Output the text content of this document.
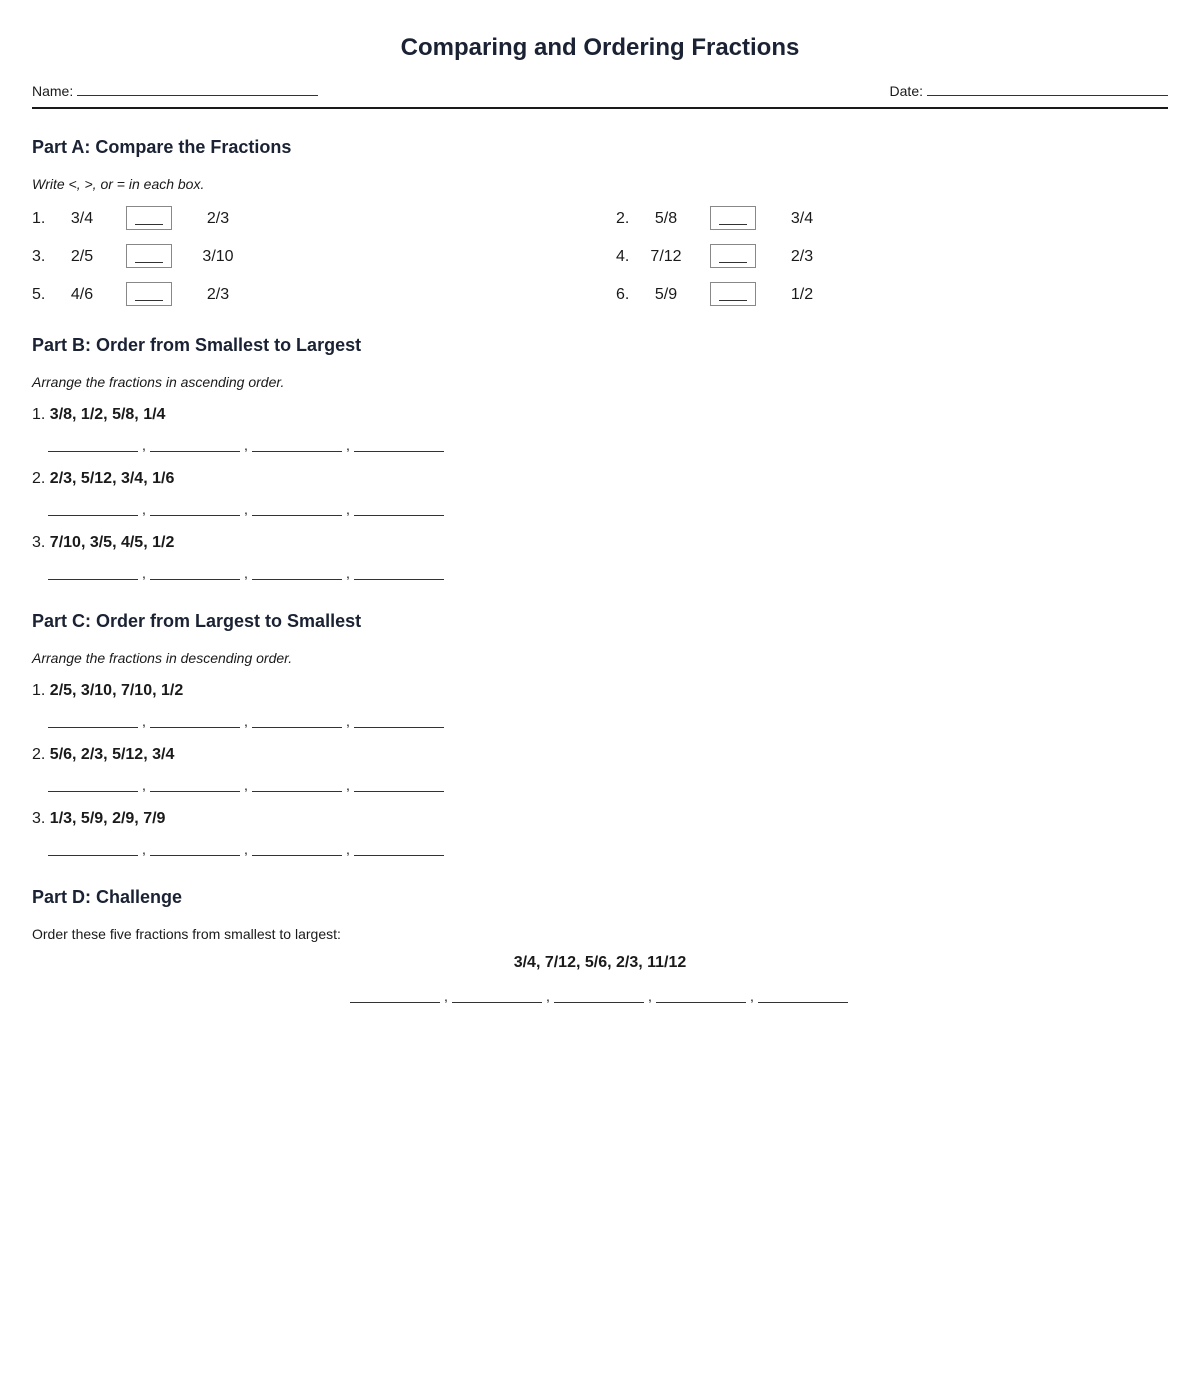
Comparing and Ordering Fractions
Name:	Date:
Part A: Compare the Fractions
Write <, >, or = in each box.
1.	3/4	2/3	2.	5/8	3/4
3.	2/5	3/10	4.	7/12	2/3
5.	4/6	2/3	6.	5/9	1/2
Part B: Order from Smallest to Largest
Arrange the fractions in ascending order.
1. 3/8, 1/2, 5/8, 1/4
,	,	,
2. 2/3, 5/12, 3/4, 1/6
,	,	,
3. 7/10, 3/5, 4/5, 1/2
,	,	,
Part C: Order from Largest to Smallest
Arrange the fractions in descending order.
1. 2/5, 3/10, 7/10, 1/2
,	,	,
2. 5/6, 2/3, 5/12, 3/4
,	,	,
3. 1/3, 5/9, 2/9, 7/9
,	,	,
Part D: Challenge
Order these five fractions from smallest to largest:
3/4, 7/12, 5/6, 2/3, 11/12
,	,	,	,
